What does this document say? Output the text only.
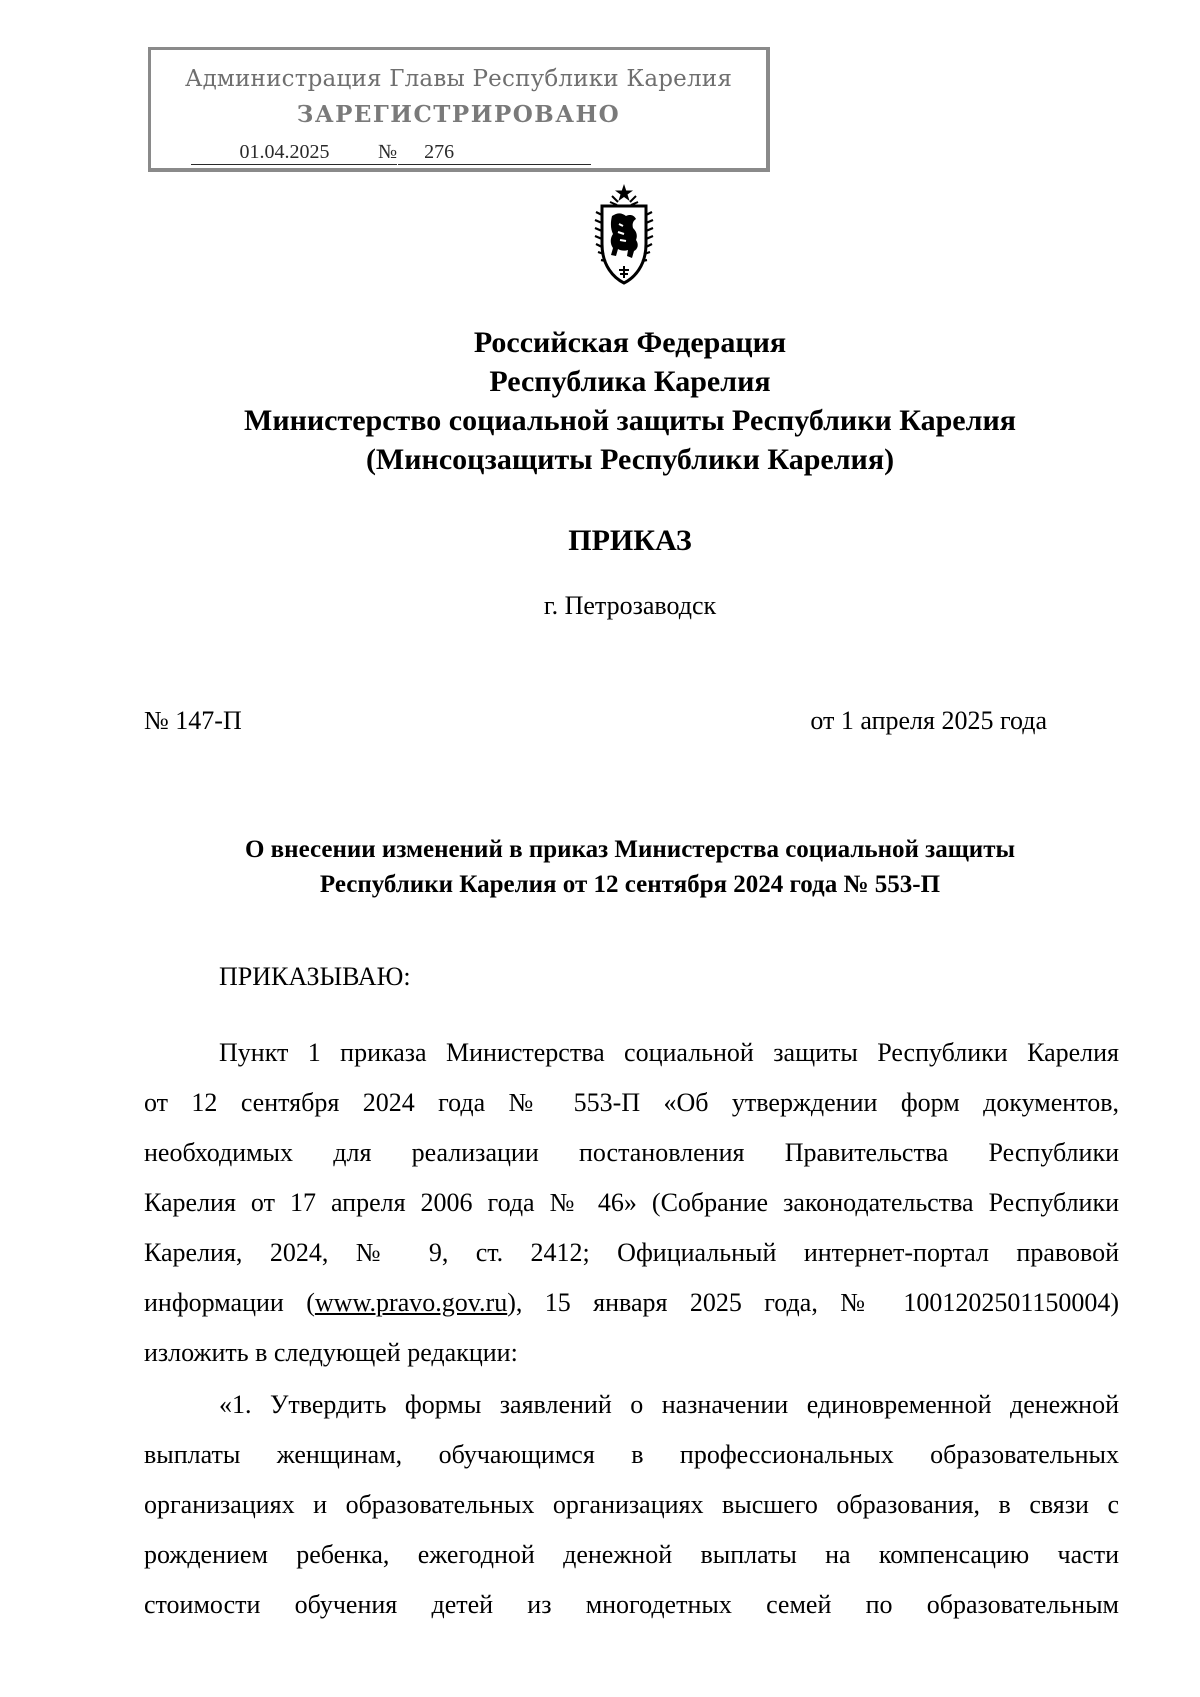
Администрация Главы Республики Карелия
ЗАРЕГИСТРИРОВАНО
01.04.2025 № 276
Российская Федерация
Республика Карелия
Министерство социальной защиты Республики Карелия
(Минсоцзащиты Республики Карелия)
ПРИКАЗ
г. Петрозаводск
№ 147-П	от 1 апреля 2025 года
О внесении изменений в приказ Министерства социальной защиты
Республики Карелия от 12 сентября 2024 года № 553-П
ПРИКАЗЫВАЮ:
Пункт 1 приказа Министерства социальной защиты Республики Карелия
от 12 сентября 2024 года № 553-П «Об утверждении форм документов,
необходимых для реализации постановления Правительства Республики
Карелия от 17 апреля 2006 года № 46» (Собрание законодательства Республики
Карелия, 2024, № 9, ст. 2412; Официальный интернет-портал правовой
информации (www.pravo.gov.ru), 15 января 2025 года, № 1001202501150004)
изложить в следующей редакции:
«1. Утвердить формы заявлений о назначении единовременной денежной
выплаты женщинам, обучающимся в профессиональных образовательных
организациях и образовательных организациях высшего образования, в связи с
рождением ребенка, ежегодной денежной выплаты на компенсацию части
стоимости обучения детей из многодетных семей по образовательным
